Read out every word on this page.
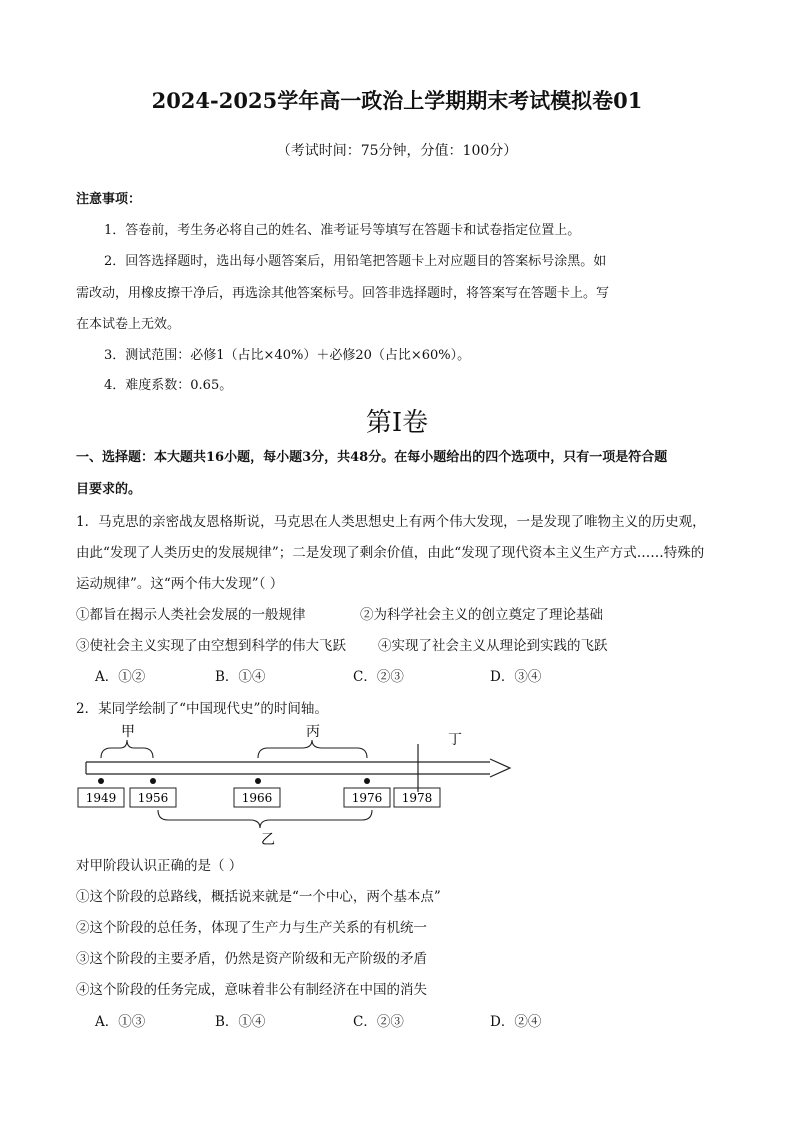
2024-2025学年高一政治上学期期末考试模拟卷01
（考试时间：75分钟，分值：100分）
注意事项：
1．答卷前，考生务必将自己的姓名、准考证号等填写在答题卡和试卷指定位置上。
2．回答选择题时，选出每小题答案后，用铅笔把答题卡上对应题目的答案标号涂黑。如
需改动，用橡皮擦干净后，再选涂其他答案标号。回答非选择题时，将答案写在答题卡上。写
在本试卷上无效。
3．测试范围：必修1（占比×40%）＋必修20（占比×60%）。
4．难度系数：0.65。
第I卷
一、选择题：本大题共16小题，每小题3分，共48分。在每小题给出的四个选项中，只有一项是符合题
目要求的。
1．马克思的亲密战友恩格斯说，马克思在人类思想史上有两个伟大发现，一是发现了唯物主义的历史观，
由此“发现了人类历史的发展规律”；二是发现了剩余价值，由此“发现了现代资本主义生产方式……特殊的
运动规律”。这“两个伟大发现”（ ）
①都旨在揭示人类社会发展的一般规律	②为科学社会主义的创立奠定了理论基础
③使社会主义实现了由空想到科学的伟大飞跃 ④实现了社会主义从理论到实践的飞跃
A．①②	B．①④	C．②③	D．③④
2．某同学绘制了“中国现代史”的时间轴。
1949 1956	1966	1976 1978
甲	丙	丁
乙
对甲阶段认识正确的是（ ）
①这个阶段的总路线，概括说来就是“一个中心，两个基本点”
②这个阶段的总任务，体现了生产力与生产关系的有机统一
③这个阶段的主要矛盾，仍然是资产阶级和无产阶级的矛盾
④这个阶段的任务完成，意味着非公有制经济在中国的消失
A．①③	B．①④	C．②③	D．②④
